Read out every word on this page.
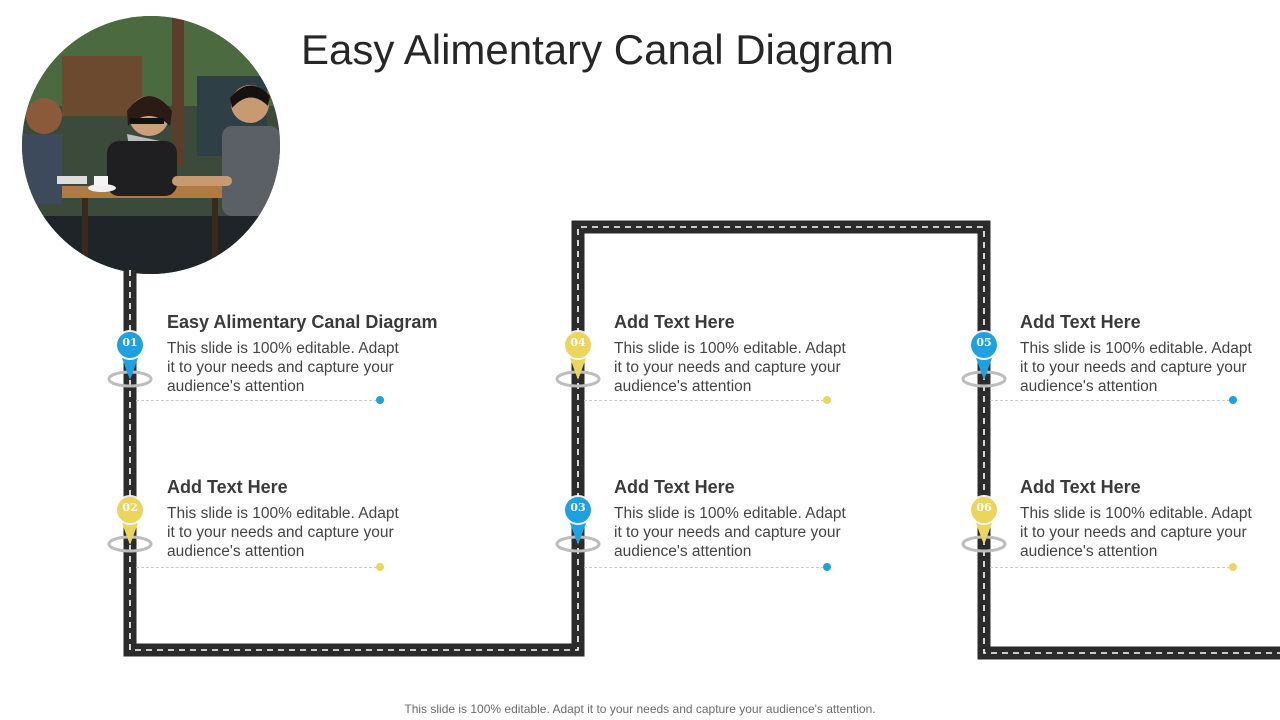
Easy Alimentary Canal Diagram
01

Easy Alimentary Canal Diagram

This slide is 100% editable. Adapt it to your needs and capture your audience's attention

02

Add Text Here

This slide is 100% editable. Adapt it to your needs and capture your audience's attention

03

Add Text Here

This slide is 100% editable. Adapt it to your needs and capture your audience's attention

04

Add Text Here

This slide is 100% editable. Adapt it to your needs and capture your audience's attention

05

Add Text Here

This slide is 100% editable. Adapt it to your needs and capture your audience's attention

06

Add Text Here

This slide is 100% editable. Adapt it to your needs and capture your audience's attention

This slide is 100% editable. Adapt it to your needs and capture your audience's attention.
